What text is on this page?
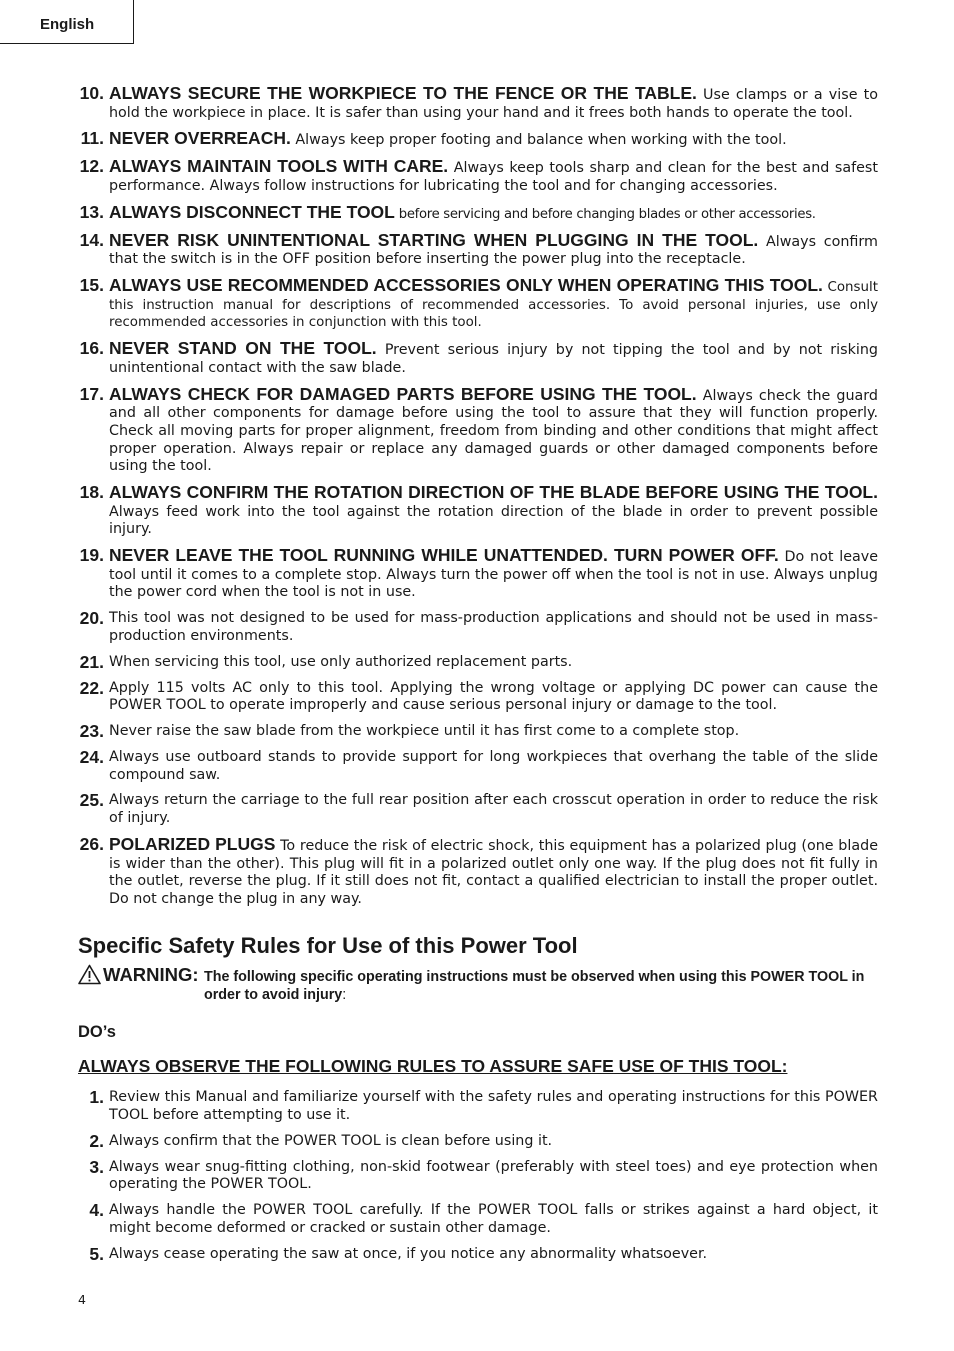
English
10. ALWAYS SECURE THE WORKPIECE TO THE FENCE OR THE TABLE. Use clamps or a vise to hold the workpiece in place. It is safer than using your hand and it frees both hands to operate the tool.
11. NEVER OVERREACH. Always keep proper footing and balance when working with the tool.
12. ALWAYS MAINTAIN TOOLS WITH CARE. Always keep tools sharp and clean for the best and safest performance. Always follow instructions for lubricating the tool and for changing accessories.
13. ALWAYS DISCONNECT THE TOOL before servicing and before changing blades or other accessories.
14. NEVER RISK UNINTENTIONAL STARTING WHEN PLUGGING IN THE TOOL. Always confirm that the switch is in the OFF position before inserting the power plug into the receptacle.
15. ALWAYS USE RECOMMENDED ACCESSORIES ONLY WHEN OPERATING THIS TOOL. Consult this instruction manual for descriptions of recommended accessories. To avoid personal injuries, use only recommended accessories in conjunction with this tool.
16. NEVER STAND ON THE TOOL. Prevent serious injury by not tipping the tool and by not risking unintentional contact with the saw blade.
17. ALWAYS CHECK FOR DAMAGED PARTS BEFORE USING THE TOOL. Always check the guard and all other components for damage before using the tool to assure that they will function properly. Check all moving parts for proper alignment, freedom from binding and other conditions that might affect proper operation. Always repair or replace any damaged guards or other damaged components before using the tool.
18. ALWAYS CONFIRM THE ROTATION DIRECTION OF THE BLADE BEFORE USING THE TOOL. Always feed work into the tool against the rotation direction of the blade in order to prevent possible injury.
19. NEVER LEAVE THE TOOL RUNNING WHILE UNATTENDED. TURN POWER OFF. Do not leave tool until it comes to a complete stop. Always turn the power off when the tool is not in use. Always unplug the power cord when the tool is not in use.
20. This tool was not designed to be used for mass-production applications and should not be used in mass-production environments.
21. When servicing this tool, use only authorized replacement parts.
22. Apply 115 volts AC only to this tool. Applying the wrong voltage or applying DC power can cause the POWER TOOL to operate improperly and cause serious personal injury or damage to the tool.
23. Never raise the saw blade from the workpiece until it has first come to a complete stop.
24. Always use outboard stands to provide support for long workpieces that overhang the table of the slide compound saw.
25. Always return the carriage to the full rear position after each crosscut operation in order to reduce the risk of injury.
26. POLARIZED PLUGS To reduce the risk of electric shock, this equipment has a polarized plug (one blade is wider than the other). This plug will fit in a polarized outlet only one way. If the plug does not fit fully in the outlet, reverse the plug. If it still does not fit, contact a qualified electrician to install the proper outlet. Do not change the plug in any way.
Specific Safety Rules for Use of this Power Tool
WARNING: The following specific operating instructions must be observed when using this POWER TOOL in order to avoid injury:
DO’s
ALWAYS OBSERVE THE FOLLOWING RULES TO ASSURE SAFE USE OF THIS TOOL:
1. Review this Manual and familiarize yourself with the safety rules and operating instructions for this POWER TOOL before attempting to use it.
2. Always confirm that the POWER TOOL is clean before using it.
3. Always wear snug-fitting clothing, non-skid footwear (preferably with steel toes) and eye protection when operating the POWER TOOL.
4. Always handle the POWER TOOL carefully. If the POWER TOOL falls or strikes against a hard object, it might become deformed or cracked or sustain other damage.
5. Always cease operating the saw at once, if you notice any abnormality whatsoever.
4
